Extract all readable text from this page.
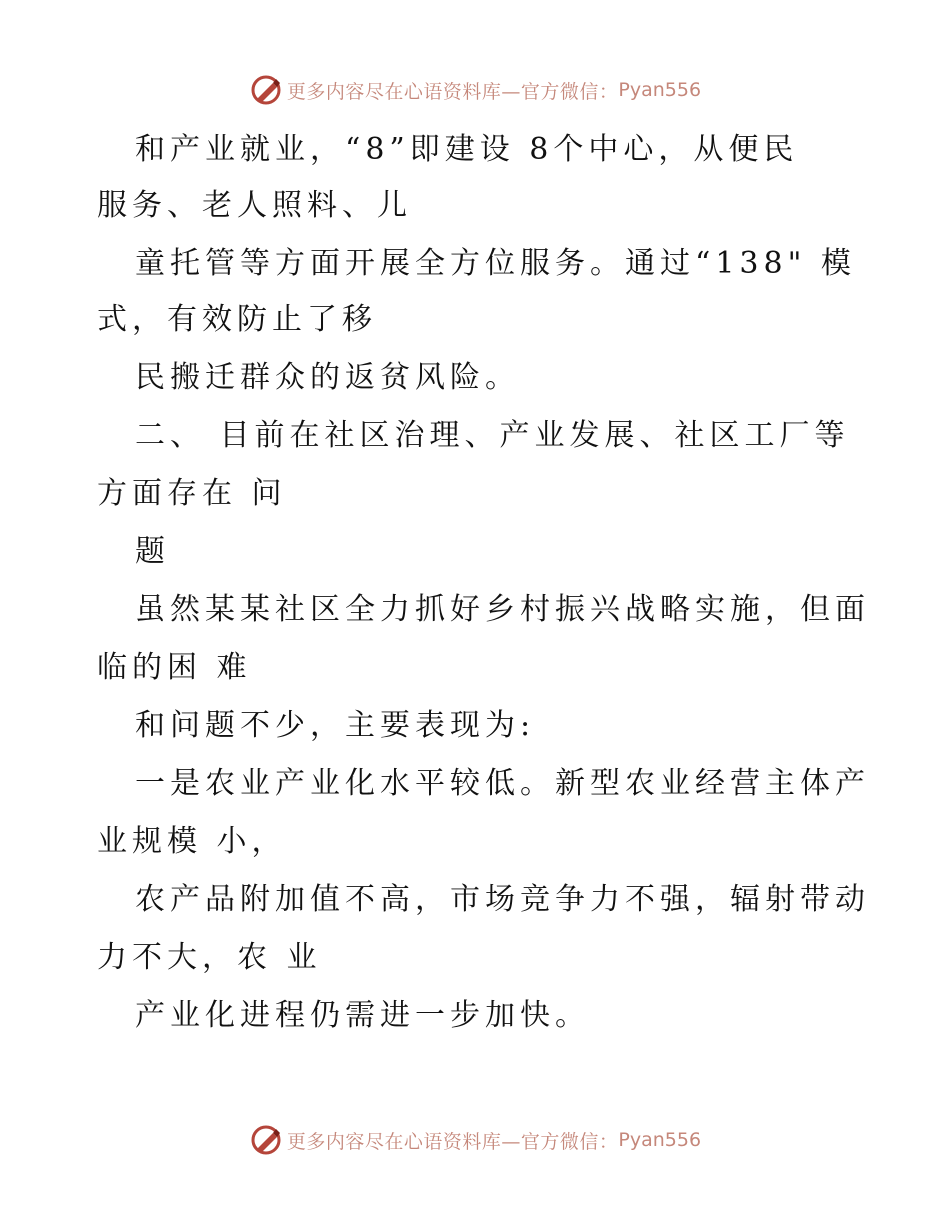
更多内容尽在心语资料库—官方微信： Pyan556
和产业就业，“8”即建设 8个中心，从便民
服务、老人照料、儿
童托管等方面开展全方位服务。通过“138" 模
式，有效防止了移
民搬迁群众的返贫风险。
二、 目前在社区治理、产业发展、社区工厂等
方面存在 问
题
虽然某某社区全力抓好乡村振兴战略实施，但面
临的困 难
和问题不少，主要表现为:
一是农业产业化水平较低。新型农业经营主体产
业规模 小，
农产品附加值不高，市场竞争力不强，辐射带动
力不大，农 业
产业化进程仍需进一步加快。
更多内容尽在心语资料库—官方微信： Pyan556
